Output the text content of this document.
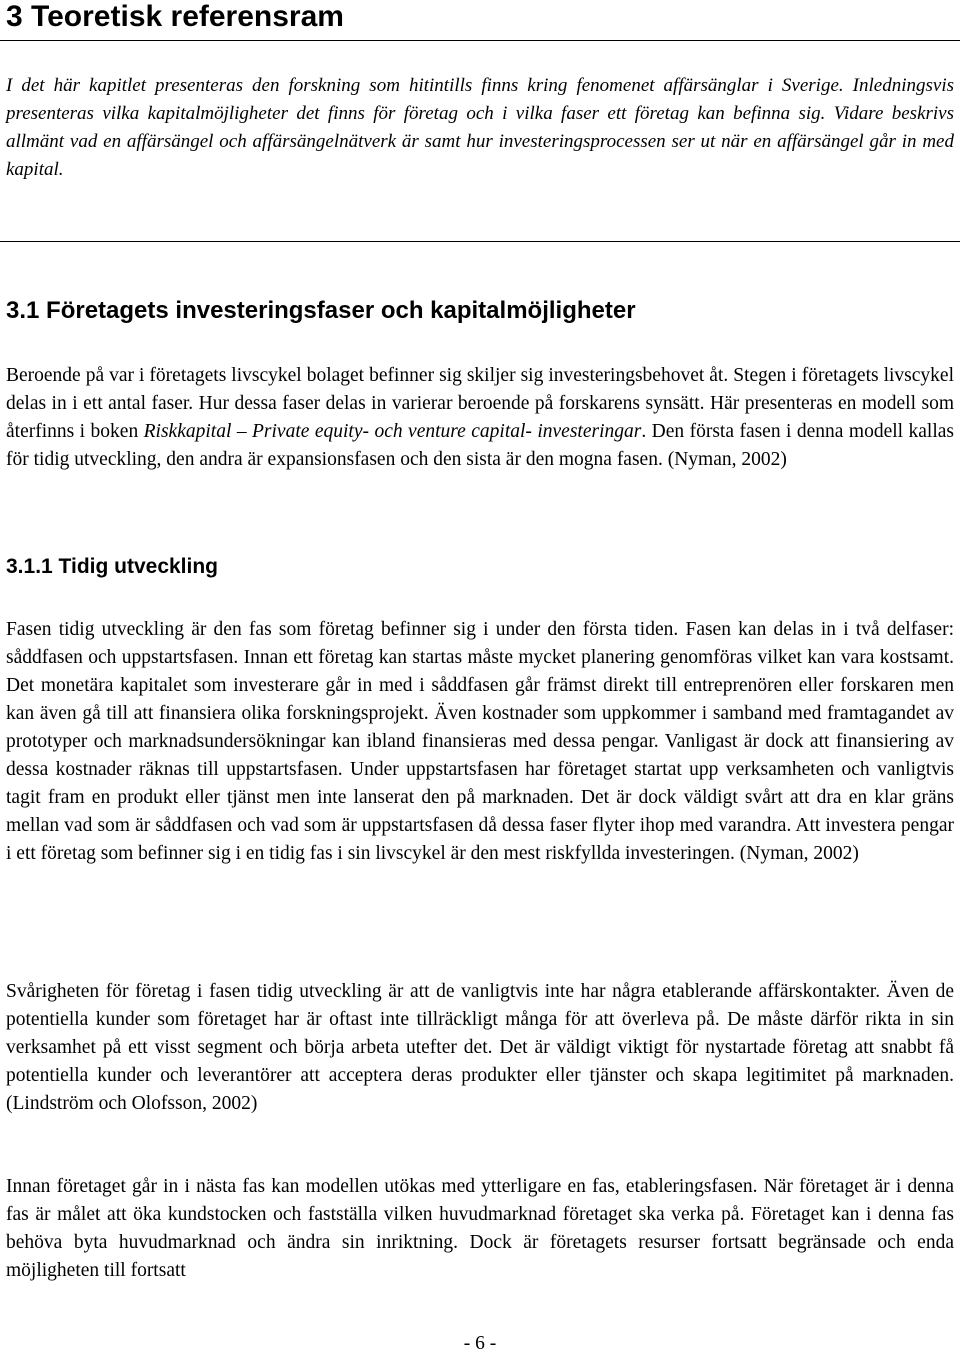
3 Teoretisk referensram

I det här kapitlet presenteras den forskning som hitintills finns kring fenomenet affärsänglar i Sverige. Inledningsvis presenteras vilka kapitalmöjligheter det finns för företag och i vilka faser ett företag kan befinna sig. Vidare beskrivs allmänt vad en affärsängel och affärsängelnätverk är samt hur investeringsprocessen ser ut när en affärsängel går in med kapital.

3.1 Företagets investeringsfaser och kapitalmöjligheter

Beroende på var i företagets livscykel bolaget befinner sig skiljer sig investeringsbehovet åt. Stegen i företagets livscykel delas in i ett antal faser. Hur dessa faser delas in varierar beroende på forskarens synsätt. Här presenteras en modell som återfinns i boken Riskkapital – Private equity- och venture capital- investeringar. Den första fasen i denna modell kallas för tidig utveckling, den andra är expansionsfasen och den sista är den mogna fasen. (Nyman, 2002)

3.1.1 Tidig utveckling

Fasen tidig utveckling är den fas som företag befinner sig i under den första tiden. Fasen kan delas in i två delfaser: såddfasen och uppstartsfasen. Innan ett företag kan startas måste mycket planering genomföras vilket kan vara kostsamt. Det monetära kapitalet som investerare går in med i såddfasen går främst direkt till entreprenören eller forskaren men kan även gå till att finansiera olika forskningsprojekt. Även kostnader som uppkommer i samband med framtagandet av prototyper och marknadsundersökningar kan ibland finansieras med dessa pengar. Vanligast är dock att finansiering av dessa kostnader räknas till uppstartsfasen. Under uppstartsfasen har företaget startat upp verksamheten och vanligtvis tagit fram en produkt eller tjänst men inte lanserat den på marknaden. Det är dock väldigt svårt att dra en klar gräns mellan vad som är såddfasen och vad som är uppstartsfasen då dessa faser flyter ihop med varandra. Att investera pengar i ett företag som befinner sig i en tidig fas i sin livscykel är den mest riskfyllda investeringen. (Nyman, 2002)

Svårigheten för företag i fasen tidig utveckling är att de vanligtvis inte har några etablerande affärskontakter. Även de potentiella kunder som företaget har är oftast inte tillräckligt många för att överleva på. De måste därför rikta in sin verksamhet på ett visst segment och börja arbeta utefter det. Det är väldigt viktigt för nystartade företag att snabbt få potentiella kunder och leverantörer att acceptera deras produkter eller tjänster och skapa legitimitet på marknaden. (Lindström och Olofsson, 2002)

Innan företaget går in i nästa fas kan modellen utökas med ytterligare en fas, etableringsfasen. När företaget är i denna fas är målet att öka kundstocken och fastställa vilken huvudmarknad företaget ska verka på. Företaget kan i denna fas behöva byta huvudmarknad och ändra sin inriktning. Dock är företagets resurser fortsatt begränsade och enda möjligheten till fortsatt

- 6 -
